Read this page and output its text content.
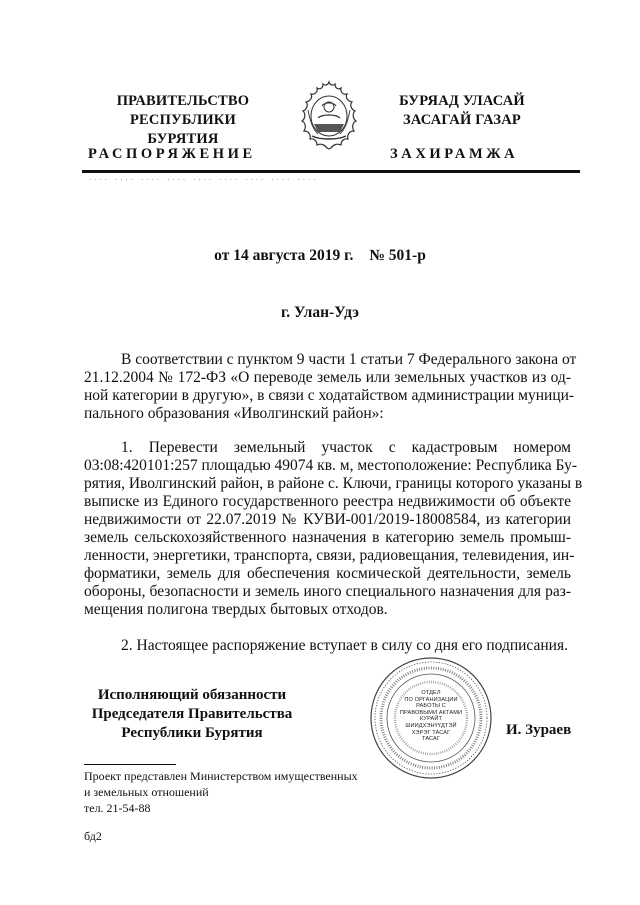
ПРАВИТЕЛЬСТВО
РЕСПУБЛИКИ БУРЯТИЯ
БУРЯАД УЛАСАЙ
ЗАСАГАЙ ГАЗАР
РАСПОРЯЖЕНИЕ	ЗАХИРАМЖА
.... .... .... .... .... .... .... .... ....
от 14 августа 2019 г. № 501-р
г. Улан-Удэ
В соответствии с пунктом 9 части 1 статьи 7 Федерального закона от
21.12.2004 № 172-ФЗ «О переводе земель или земельных участков из од-
ной категории в другую», в связи с ходатайством администрации муници-
пального образования «Иволгинский район»:
1. Перевести земельный участок с кадастровым номером
03:08:420101:257 площадью 49074 кв. м, местоположение: Республика Бу-
рятия, Иволгинский район, в районе с. Ключи, границы которого указаны в
выписке из Единого государственного реестра недвижимости об объекте
недвижимости от 22.07.2019 № КУВИ-001/2019-18008584, из категории
земель сельскохозяйственного назначения в категорию земель промыш-
ленности, энергетики, транспорта, связи, радиовещания, телевидения, ин-
форматики, земель для обеспечения космической деятельности, земель
обороны, безопасности и земель иного специального назначения для раз-
мещения полигона твердых бытовых отходов.
2. Настоящее распоряжение вступает в силу со дня его подписания.
Исполняющий обязанности
Председателя Правительства
Республики Бурятия
ОТДЕЛ
ПО ОРГАНИЗАЦИИ
РАБОТЫ С
ПРАВОВЫМИ АКТАМИ
КУРАЙТ
ШИИДХЭНҮҮДТЭЙ
ХЭРЭГ ТАСАГ
ТАСАГ
И. Зураев
Проект представлен Министерством имущественных
и земельных отношений
тел. 21-54-88
бд2
